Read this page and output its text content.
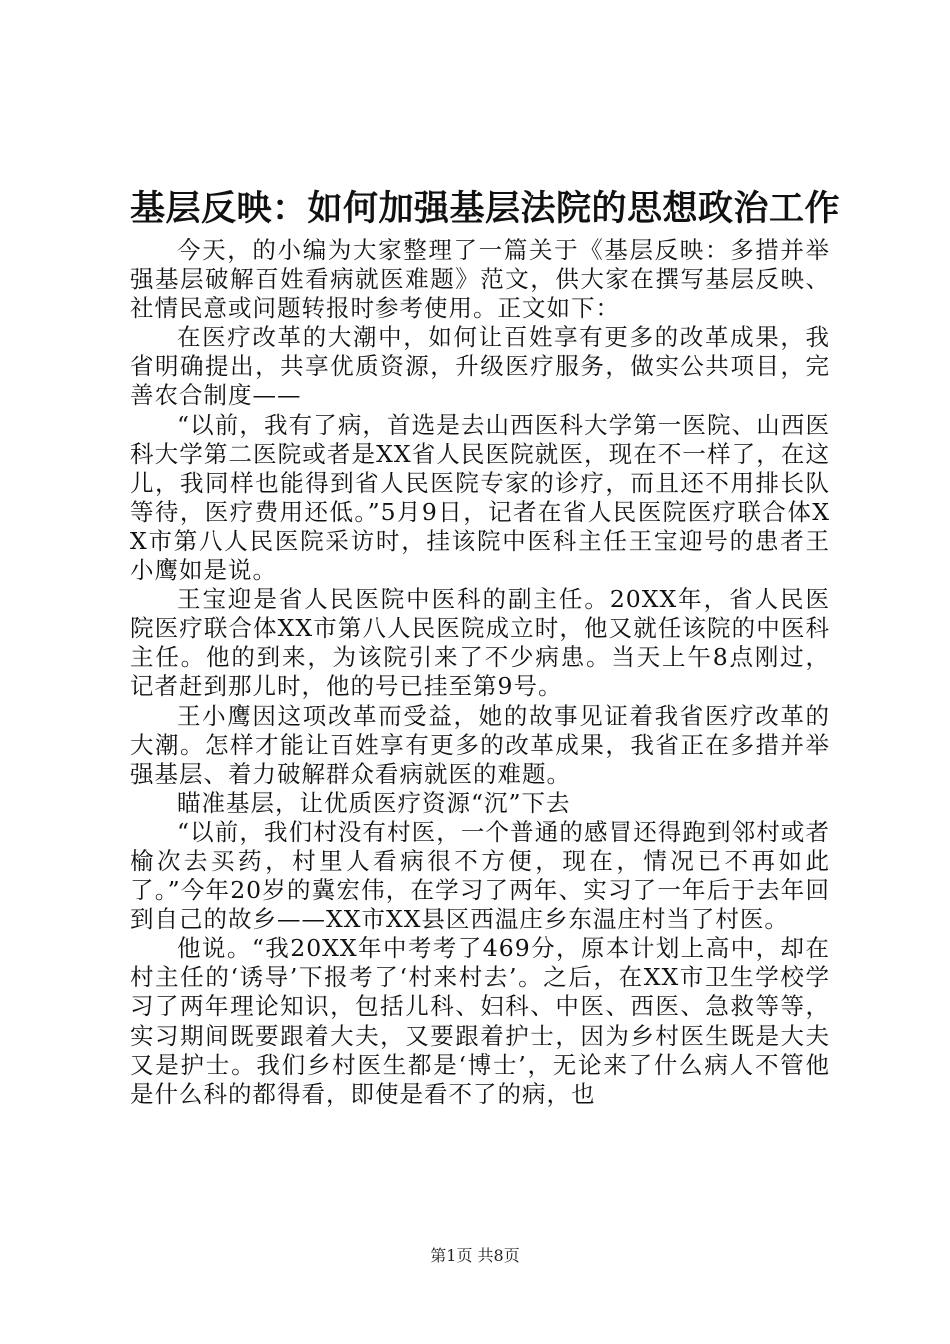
基层反映：如何加强基层法院的思想政治工作

今天，的小编为大家整理了一篇关于《基层反映：多措并举强基层破解百姓看病就医难题》范文，供大家在撰写基层反映、社情民意或问题转报时参考使用。正文如下：

在医疗改革的大潮中，如何让百姓享有更多的改革成果，我省明确提出，共享优质资源，升级医疗服务，做实公共项目，完善农合制度——

“以前，我有了病，首选是去山西医科大学第一医院、山西医科大学第二医院或者是XX省人民医院就医，现在不一样了，在这儿，我同样也能得到省人民医院专家的诊疗，而且还不用排长队等待，医疗费用还低。”5月9日，记者在省人民医院医疗联合体XX市第八人民医院采访时，挂该院中医科主任王宝迎号的患者王小鹰如是说。

王宝迎是省人民医院中医科的副主任。20XX年，省人民医院医疗联合体XX市第八人民医院成立时，他又就任该院的中医科主任。他的到来，为该院引来了不少病患。当天上午8点刚过，记者赶到那儿时，他的号已挂至第9号。

王小鹰因这项改革而受益，她的故事见证着我省医疗改革的大潮。怎样才能让百姓享有更多的改革成果，我省正在多措并举强基层、着力破解群众看病就医的难题。

瞄准基层，让优质医疗资源“沉”下去

“以前，我们村没有村医，一个普通的感冒还得跑到邻村或者榆次去买药，村里人看病很不方便，现在，情况已不再如此了。”今年20岁的冀宏伟，在学习了两年、实习了一年后于去年回到自己的故乡——XX市XX县区西温庄乡东温庄村当了村医。

他说。“我20XX年中考考了469分，原本计划上高中，却在村主任的‘诱导’下报考了‘村来村去’。之后，在XX市卫生学校学习了两年理论知识，包括儿科、妇科、中医、西医、急救等等，实习期间既要跟着大夫，又要跟着护士，因为乡村医生既是大夫又是护士。我们乡村医生都是‘博士’，无论来了什么病人不管他是什么科的都得看，即使是看不了的病，也

第1页 共8页
